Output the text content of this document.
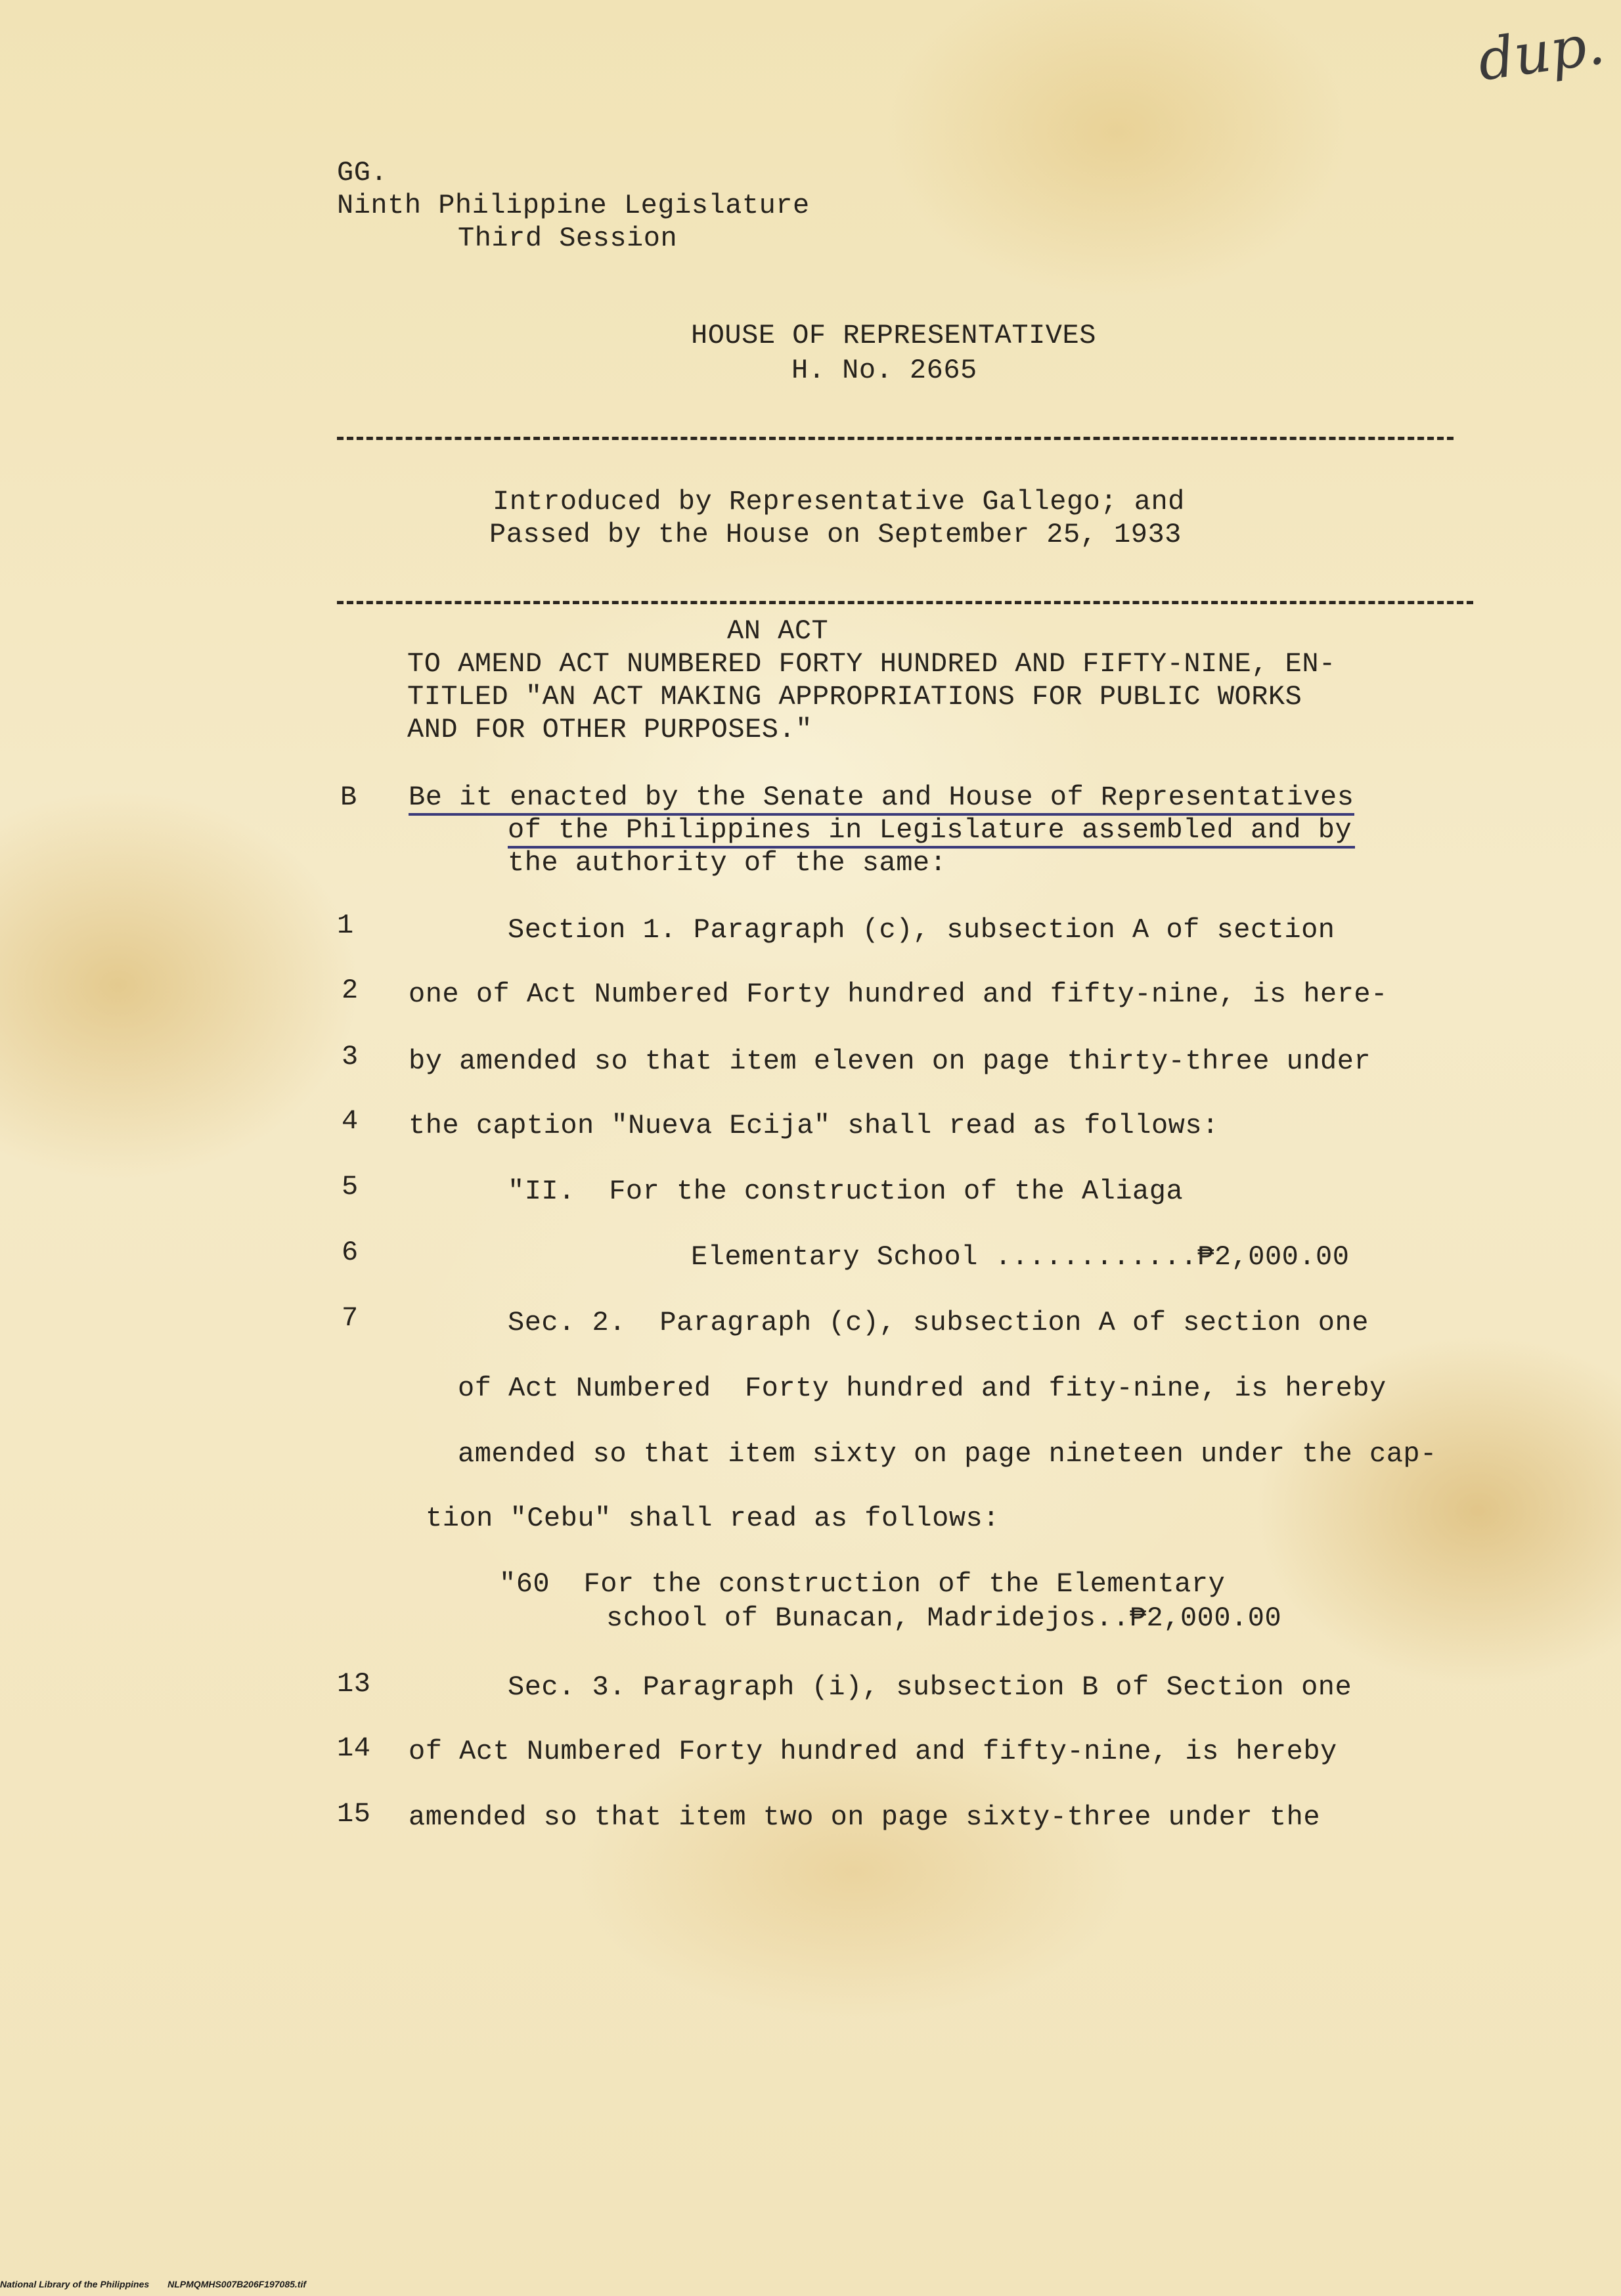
dup.
GG.
Ninth Philippine Legislature
Third Session
HOUSE OF REPRESENTATIVES
H. No. 2665
Introduced by Representative Gallego; and
Passed by the House on September 25, 1933
AN ACT
TO AMEND ACT NUMBERED FORTY HUNDRED AND FIFTY-NINE, EN-
TITLED "AN ACT MAKING APPROPRIATIONS FOR PUBLIC WORKS
AND FOR OTHER PURPOSES."
B Be it enacted by the Senate and House of Representatives
of the Philippines in Legislature assembled and by
the authority of the same:
1	Section 1. Paragraph (c), subsection A of section
2 one of Act Numbered Forty hundred and fifty-nine, is here-
3 by amended so that item eleven on page thirty-three under
4 the caption "Nueva Ecija" shall read as follows:
5	"II.  For the construction of the Aliaga
6	Elementary School ............₱2,000.00
7	Sec. 2.  Paragraph (c), subsection A of section one
of Act Numbered  Forty hundred and fity-nine, is hereby
amended so that item sixty on page nineteen under the cap-
tion "Cebu" shall read as follows:
"60  For the construction of the Elementary
school of Bunacan, Madridejos..₱2,000.00
13	Sec. 3. Paragraph (i), subsection B of Section one
14 of Act Numbered Forty hundred and fifty-nine, is hereby
15 amended so that item two on page sixty-three under the
National Library of the Philippines NLPMQMHS007B206F197085.tif
